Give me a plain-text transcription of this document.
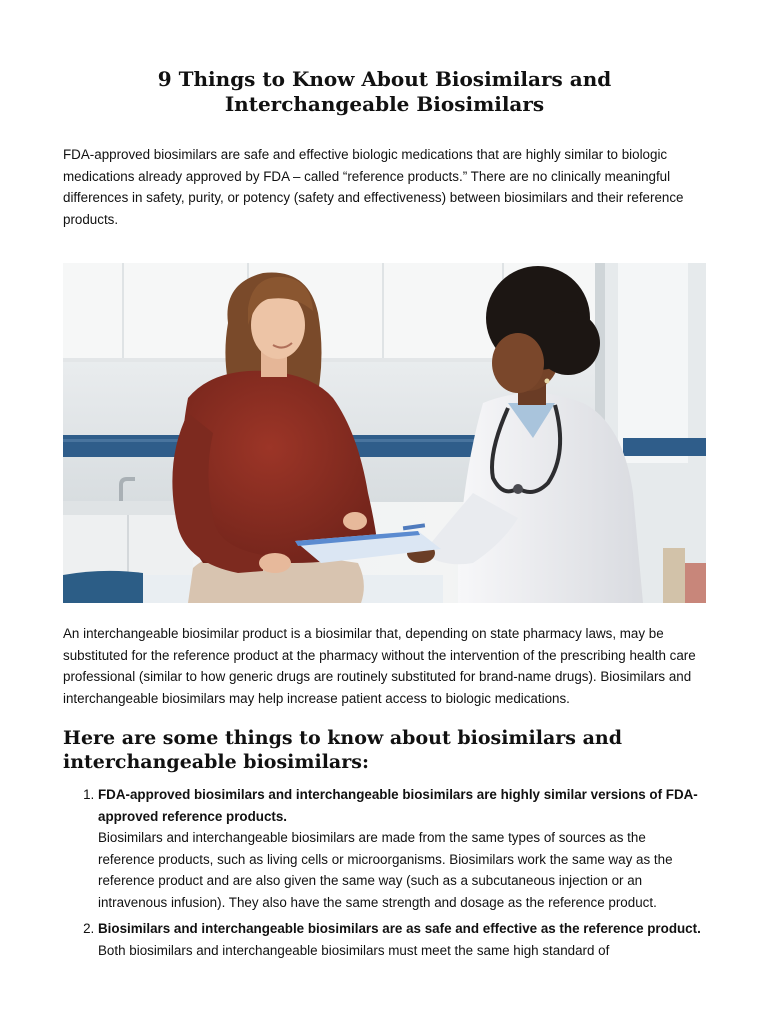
9 Things to Know About Biosimilars and Interchangeable Biosimilars

FDA-approved biosimilars are safe and effective biologic medications that are highly similar to biologic medications already approved by FDA – called “reference products.” There are no clinically meaningful differences in safety, purity, or potency (safety and effectiveness) between biosimilars and their reference products.

An interchangeable biosimilar product is a biosimilar that, depending on state pharmacy laws, may be substituted for the reference product at the pharmacy without the intervention of the prescribing health care professional (similar to how generic drugs are routinely substituted for brand-name drugs). Biosimilars and interchangeable biosimilars may help increase patient access to biologic medications.

Here are some things to know about biosimilars and interchangeable biosimilars:
1. FDA-approved biosimilars and interchangeable biosimilars are highly similar versions of FDA-approved reference products.
Biosimilars and interchangeable biosimilars are made from the same types of sources as the reference products, such as living cells or microorganisms. Biosimilars work the same way as the reference product and are also given the same way (such as a subcutaneous injection or an intravenous infusion). They also have the same strength and dosage as the reference product.
2. Biosimilars and interchangeable biosimilars are as safe and effective as the reference product.
Both biosimilars and interchangeable biosimilars must meet the same high standard of
